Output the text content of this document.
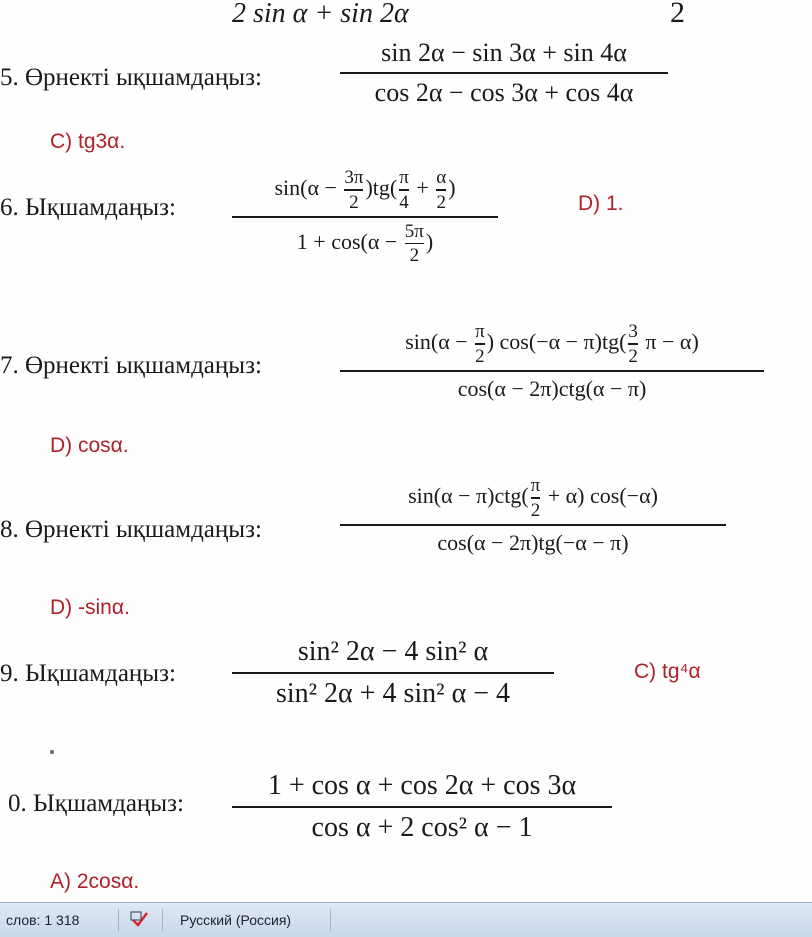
2 sin α + sin 2α	2
5. Өрнекті ықшамдаңыз:
sin 2α − sin 3α + sin 4α
cos 2α − cos 3α + cos 4α
C) tg3α.
6. Ықшамдаңыз:
$\sin(\alpha - \frac{3\pi}{2} )tg( \frac{\pi}{4} + \frac{\alpha}{2}$ )
$1 + \cos(\alpha - \frac{5\pi}{2}$ )
D) 1.
7. Өрнекті ықшамдаңыз:
$\sin(\alpha - \frac{\pi}{2}$ ) $\cos(-\alpha - \pi)tg( \frac{3}{2}$ π − α)
cos(α − 2π)ctg(α − π)
D) cosα.
8. Өрнекті ықшамдаңыз:
$\sin(\alpha - \pi)ctg( \frac{\pi}{2} + \alpha)$ cos(−α)
cos(α − 2π)tg(−α − π)
D) -sinα.
9. Ықшамдаңыз:
sin² 2α − 4 sin² α
sin² 2α + 4 sin² α − 4
C) tg⁴α
0. Ықшамдаңыз:
1 + cos α + cos 2α + cos 3α
cos α + 2 cos² α − 1
A) 2cosα.
слов: 1 318	Русский (Россия)
